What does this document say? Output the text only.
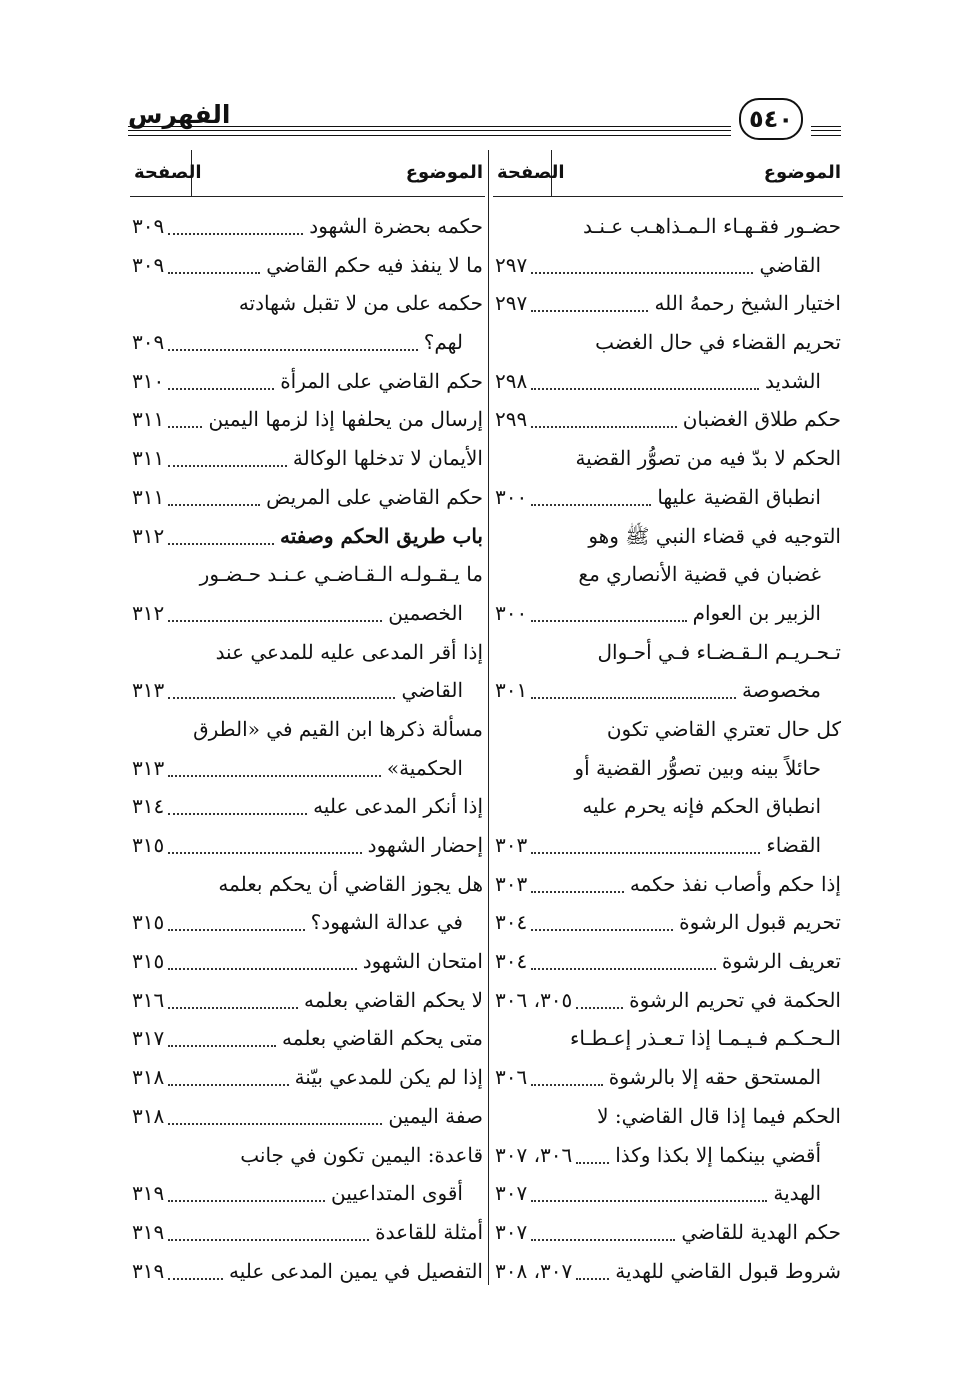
الفهرس	٥٤٠
الموضوع
الصفحة
حضـور فقـهـاء الـمـذاهـب عـنـد
القاضي
٢٩٧
اختيار الشيخ رحمهُ الله
٢٩٧
تحريم القضاء في حال الغضب
الشديد
٢٩٨
حكم طلاق الغضبان
٢٩٩
الحكم لا بدّ فيه من تصوُّر القضية
انطباق القضية عليها
٣٠٠
التوجيه في قضاء النبي ﷺ وهو
غضبان في قضية الأنصاري مع
الزبير بن العوام
٣٠٠
تـحـريـم الـقـضـاء فـي أحـوال
مخصوصة
٣٠١
كل حال تعتري القاضي تكون
حائلاً بينه وبين تصوُّر القضية أو
انطباق الحكم فإنه يحرم عليه
القضاء
٣٠٣
إذا حكم وأصاب نفذ حكمه
٣٠٣
تحريم قبول الرشوة
٣٠٤
تعريف الرشوة
٣٠٤
الحكمة في تحريم الرشوة
٣٠٥، ٣٠٦
الـحـكـم فـيـمـا إذا تـعـذر إعـطـاء
المستحق حقه إلا بالرشوة
٣٠٦
الحكم فيما إذا قال القاضي: لا
أقضي بينكما إلا بكذا وكذا
٣٠٦، ٣٠٧
الهدية
٣٠٧
حكم الهدية للقاضي
٣٠٧
شروط قبول القاضي للهدية
٣٠٧، ٣٠٨
الموضوع
الصفحة
حكمه بحضرة الشهود
٣٠٩
ما لا ينفذ فيه حكم القاضي
٣٠٩
حكمه على من لا تقبل شهادته
لهم؟
٣٠٩
حكم القاضي على المرأة
٣١٠
إرسال من يحلفها إذا لزمها اليمين
٣١١
الأيمان لا تدخلها الوكالة
٣١١
حكم القاضي على المريض
٣١١
باب طريق الحكم وصفته
٣١٢
ما يـقـولـه الـقـاضـي عـنـد حـضـور
الخصمين
٣١٢
إذا أقر المدعى عليه للمدعي عند
القاضي
٣١٣
مسألة ذكرها ابن القيم في «الطرق
الحكمية»
٣١٣
إذا أنكر المدعى عليه
٣١٤
إحضار الشهود
٣١٥
هل يجوز القاضي أن يحكم بعلمه
في عدالة الشهود؟
٣١٥
امتحان الشهود
٣١٥
لا يحكم القاضي بعلمه
٣١٦
متى يحكم القاضي بعلمه
٣١٧
إذا لم يكن للمدعي بيّنة
٣١٨
صفة اليمين
٣١٨
قاعدة: اليمين تكون في جانب
أقوى المتداعيين
٣١٩
أمثلة للقاعدة
٣١٩
التفصيل في يمين المدعى عليه
٣١٩
